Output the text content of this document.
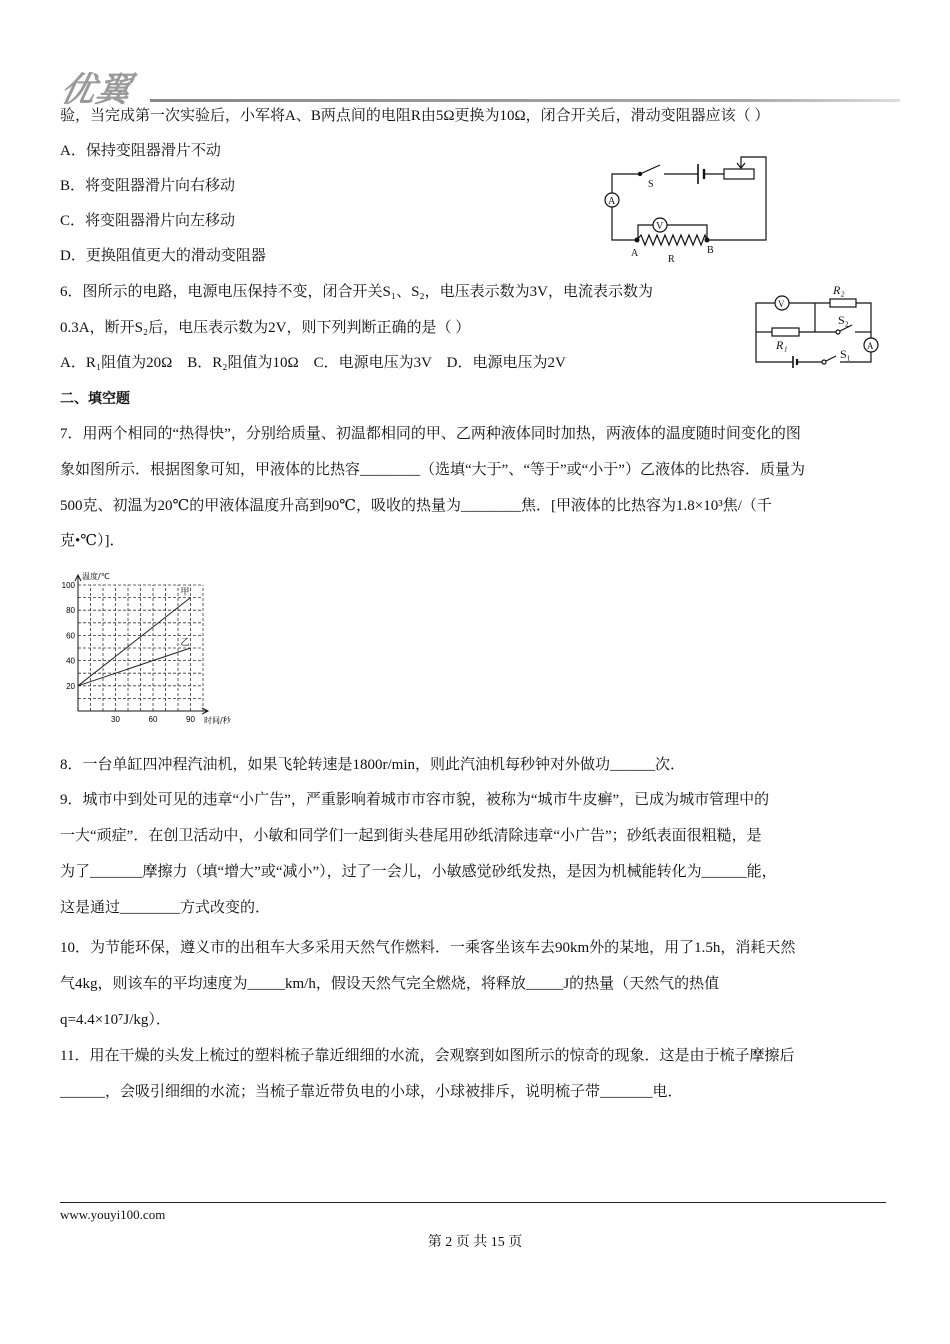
优翼
验，当完成第一次实验后，小军将A、B两点间的电阻R由5Ω更换为10Ω，闭合开关后，滑动变阻器应该（ ）
A．保持变阻器滑片不动
B．将变阻器滑片向右移动
C．将变阻器滑片向左移动
D．更换阻值更大的滑动变阻器
6．图所示的电路，电源电压保持不变，闭合开关S₁、S₂，电压表示数为3V，电流表示数为
0.3A，断开S₂后，电压表示数为2V，则下列判断正确的是（ ）
A．R₁阻值为20Ω    B．R₂阻值为10Ω    C．电源电压为3V    D．电源电压为2V
二、填空题
7．用两个相同的“热得快”，分别给质量、初温都相同的甲、乙两种液体同时加热，两液体的温度随时间变化的图
象如图所示．根据图象可知，甲液体的比热容________（选填“大于”、“等于”或“小于”）乙液体的比热容．质量为
500克、初温为20℃的甲液体温度升高到90℃，吸收的热量为________焦．[甲液体的比热容为1.8×10³焦/（千
克•℃）]．
8．一台单缸四冲程汽油机，如果飞轮转速是1800r/min，则此汽油机每秒钟对外做功______次．
9．城市中到处可见的违章“小广告”，严重影响着城市市容市貌，被称为“城市牛皮癣”，已成为城市管理中的
一大“顽症”．在创卫活动中，小敏和同学们一起到街头巷尾用砂纸清除违章“小广告”；砂纸表面很粗糙，是
为了_______摩擦力（填“增大”或“减小”），过了一会儿，小敏感觉砂纸发热，是因为机械能转化为______能，
这是通过________方式改变的．
10．为节能环保，遵义市的出租车大多采用天然气作燃料．一乘客坐该车去90km外的某地，用了1.5h，消耗天然
气4kg，则该车的平均速度为_____km/h，假设天然气完全燃烧，将释放_____J的热量（天然气的热值
q=4.4×10⁷J/kg）．
11．用在干燥的头发上梳过的塑料梳子靠近细细的水流，会观察到如图所示的惊奇的现象．这是由于梳子摩擦后
______，会吸引细细的水流；当梳子靠近带负电的小球，小球被排斥，说明梳子带_______电．
S
A
V
A	B
R
V
A
R₂
R₁
S₂
S₁
30	60	90
20
40
60
80
100
温度/℃
时间/秒
甲
乙
www.youyi100.com
第 2 页 共 15 页
